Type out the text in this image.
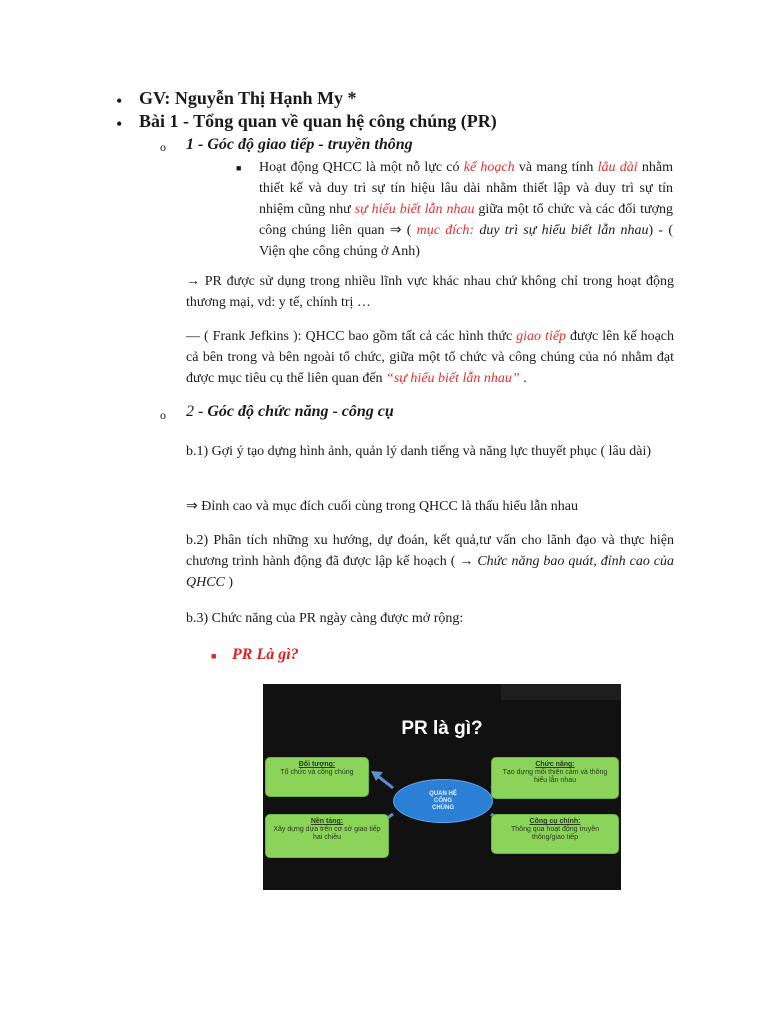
• GV: Nguyễn Thị Hạnh My *
• Bài 1 - Tổng quan về quan hệ công chúng (PR)
o 1 - Góc độ giao tiếp - truyền thông
■ Hoạt động QHCC là một nỗ lực có kế hoạch và mang tính lâu dài nhằm thiết kế và duy trì sự tín hiệu lâu dài nhằm thiết lập và duy trì sự tín nhiệm cũng như sự hiểu biết lẫn nhau giữa một tổ chức và các đối tượng công chúng liên quan ⇒ ( mục đích: duy trì sự hiểu biết lẫn nhau) - ( Viện qhe công chúng ở Anh)

→ PR được sử dụng trong nhiều lĩnh vực khác nhau chứ không chỉ trong hoạt động thương mại, vd: y tế, chính trị …

— ( Frank Jefkins ): QHCC bao gồm tất cả các hình thức giao tiếp được lên kế hoạch cả bên trong và bên ngoài tổ chức, giữa một tổ chức và công chúng của nó nhằm đạt được mục tiêu cụ thể liên quan đến “sự hiểu biết lẫn nhau” .

o 2 - Góc độ chức năng - công cụ

b.1) Gợi ý tạo dựng hình ảnh, quản lý danh tiếng và năng lực thuyết phục ( lâu dài)

⇒ Đỉnh cao và mục đích cuối cùng trong QHCC là thấu hiểu lẫn nhau

b.2) Phân tích những xu hướng, dự đoán, kết quả,tư vấn cho lãnh đạo và thực hiện chương trình hành động đã được lập kế hoạch ( → Chức năng bao quát, đỉnh cao của QHCC )

b.3) Chức năng của PR ngày càng được mở rộng:

■ PR Là gì?
PR là gì?
QUAN HỆ
CÔNG
CHÚNG
Đối tượng:
Tổ chức và công chúng
Chức năng:
Tạo dựng mối thiện cảm và thông hiểu lẫn nhau
Nền tảng:
Xây dựng dựa trên cơ sở giao tiếp hai chiều
Công cụ chính:
Thông qua hoạt động truyền thông/giao tiếp
